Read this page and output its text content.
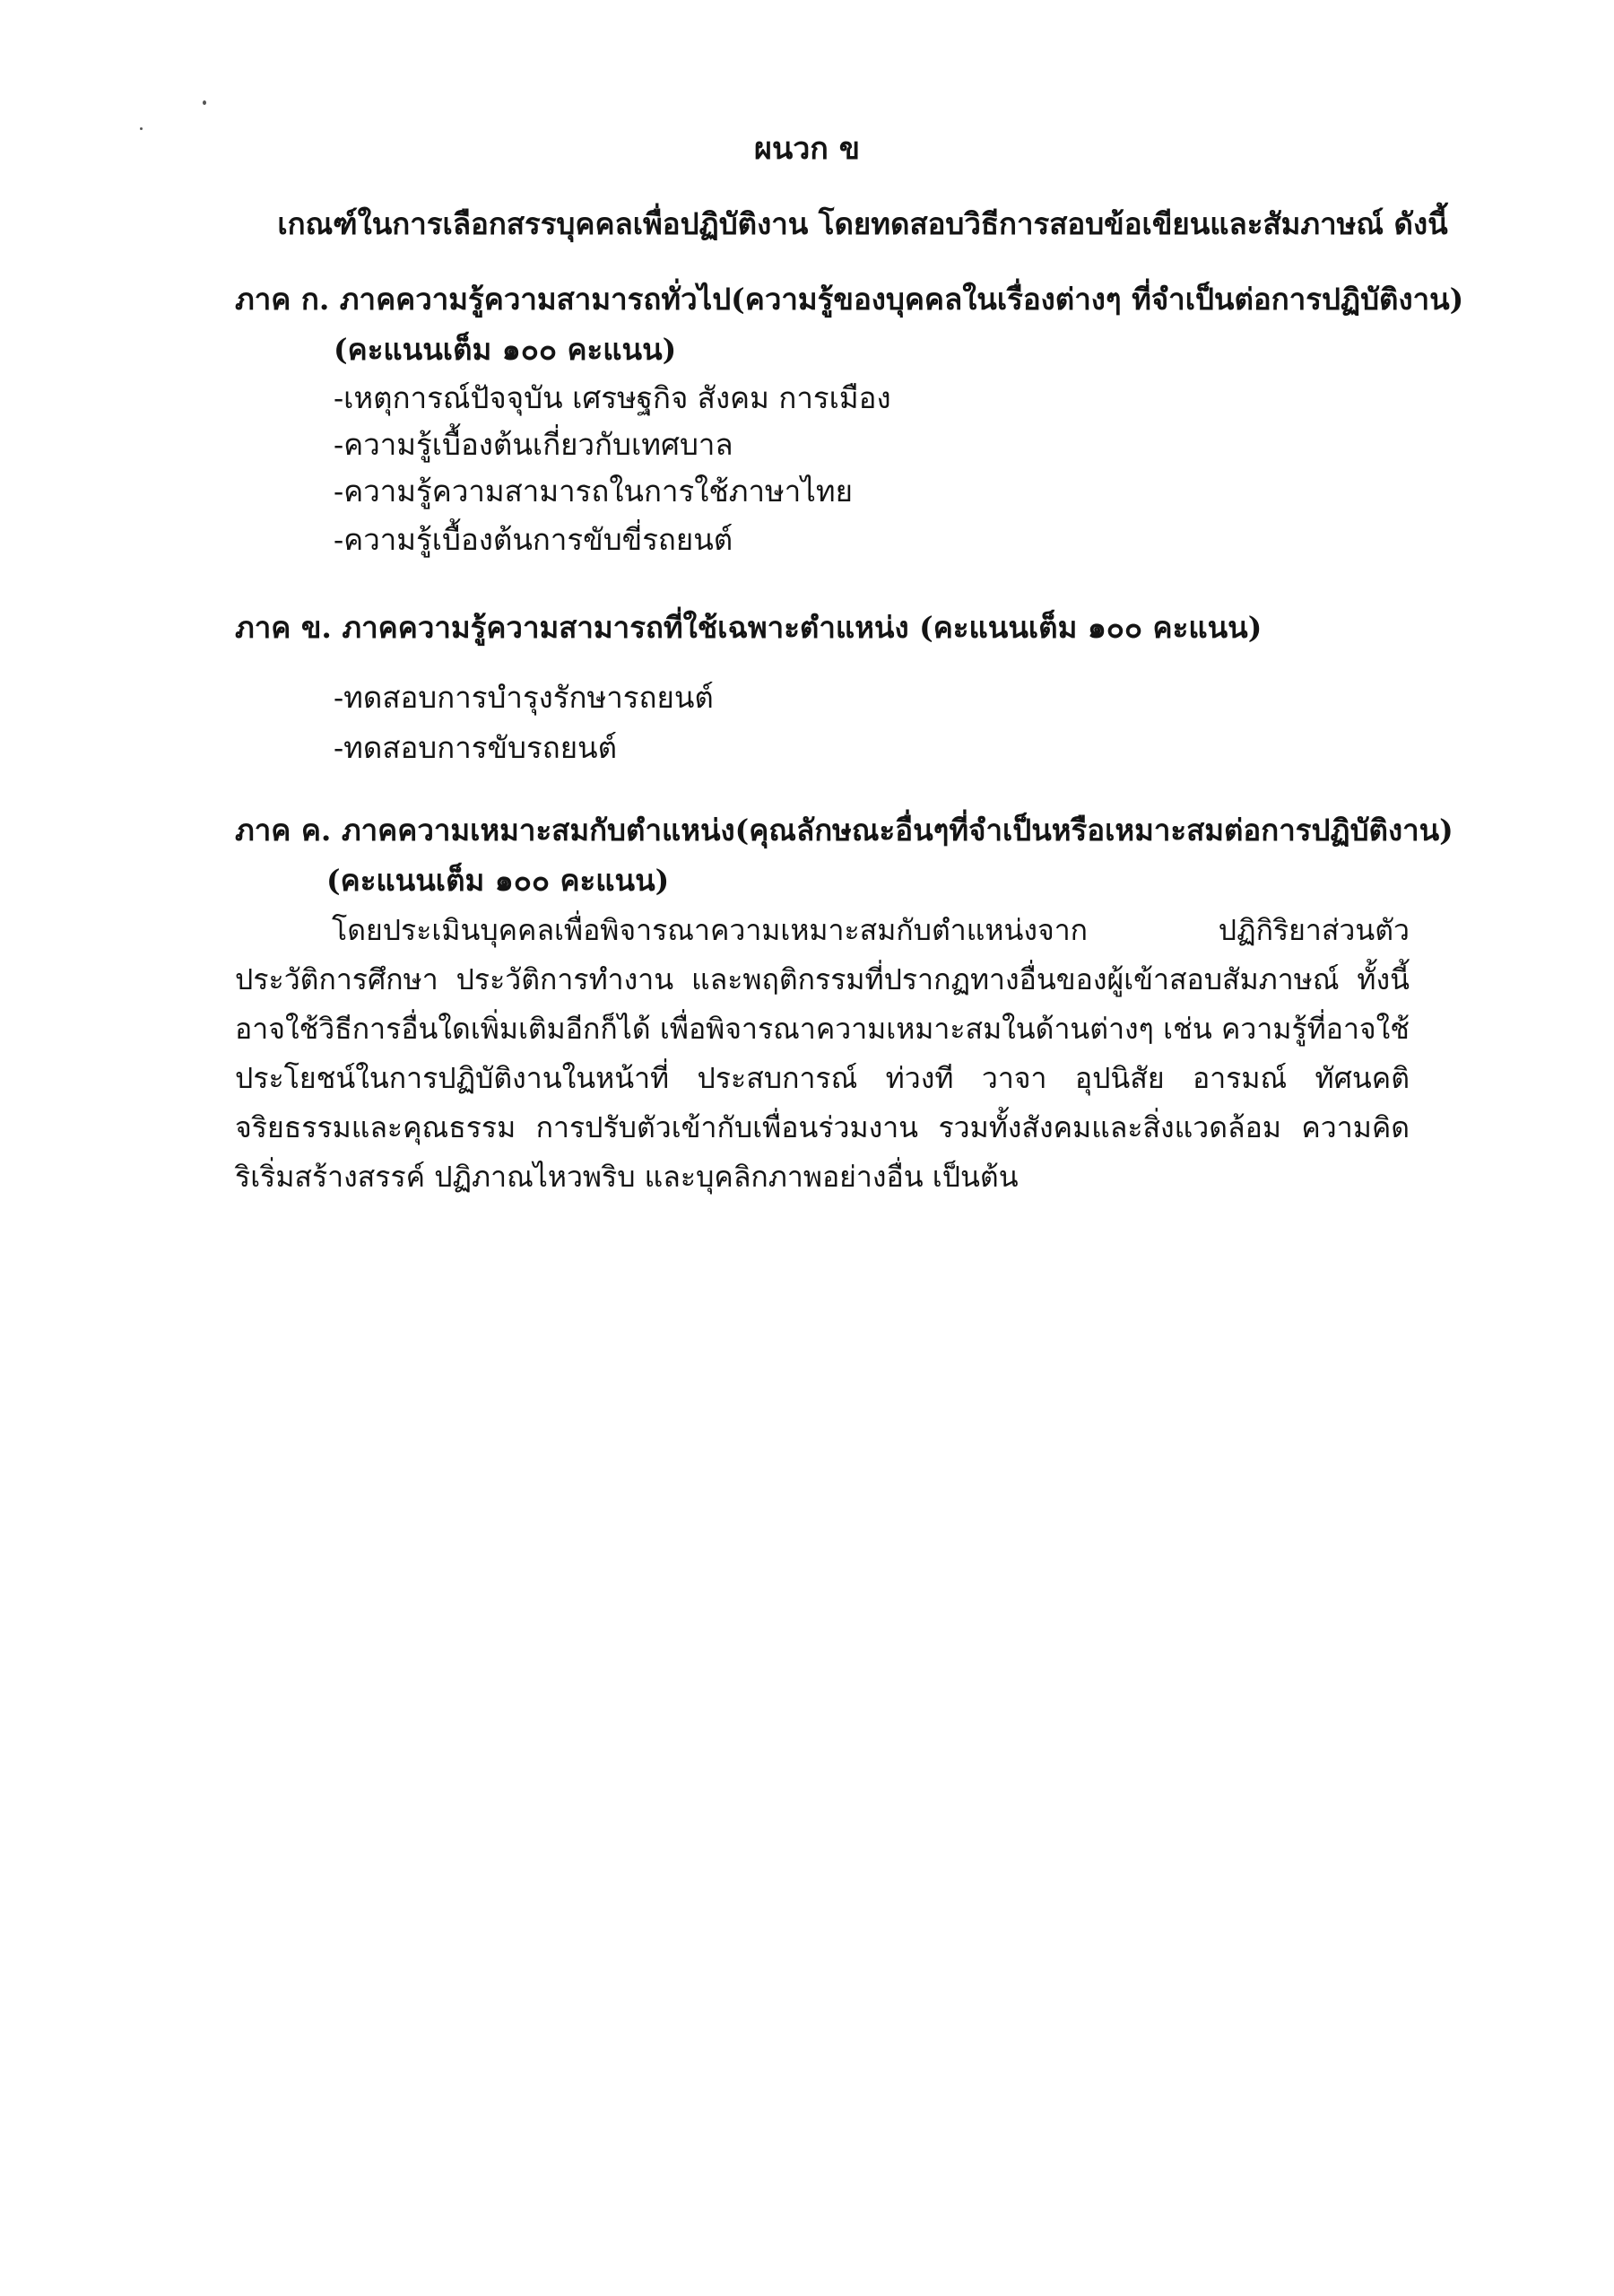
ผนวก ข
เกณฑ์ในการเลือกสรรบุคคลเพื่อปฏิบัติงาน โดยทดสอบวิธีการสอบข้อเขียนและสัมภาษณ์ ดังนี้
ภาค ก. ภาคความรู้ความสามารถทั่วไป(ความรู้ของบุคคลในเรื่องต่างๆ ที่จำเป็นต่อการปฏิบัติงาน)
(คะแนนเต็ม ๑๐๐ คะแนน)
-เหตุการณ์ปัจจุบัน เศรษฐกิจ สังคม การเมือง
-ความรู้เบื้องต้นเกี่ยวกับเทศบาล
-ความรู้ความสามารถในการใช้ภาษาไทย
-ความรู้เบื้องต้นการขับขี่รถยนต์
ภาค ข. ภาคความรู้ความสามารถที่ใช้เฉพาะตำแหน่ง (คะแนนเต็ม ๑๐๐ คะแนน)
-ทดสอบการบำรุงรักษารถยนต์
-ทดสอบการขับรถยนต์
ภาค ค. ภาคความเหมาะสมกับตำแหน่ง(คุณลักษณะอื่นๆที่จำเป็นหรือเหมาะสมต่อการปฏิบัติงาน)
(คะแนนเต็ม ๑๐๐ คะแนน)
โดยประเมินบุคคลเพื่อพิจารณาความเหมาะสมกับตำแหน่งจาก ปฏิกิริยาส่วนตัว ประวัติการศึกษา ประวัติการทำงาน และพฤติกรรมที่ปรากฏทางอื่นของผู้เข้าสอบสัมภาษณ์ ทั้งนี้ อาจใช้วิธีการอื่นใดเพิ่มเติมอีกก็ได้ เพื่อพิจารณาความเหมาะสมในด้านต่างๆ เช่น ความรู้ที่อาจใช้ประโยชน์ในการปฏิบัติงานในหน้าที่ ประสบการณ์ ท่วงที วาจา อุปนิสัย อารมณ์ ทัศนคติ จริยธรรมและคุณธรรม การปรับตัวเข้ากับเพื่อนร่วมงาน รวมทั้งสังคมและสิ่งแวดล้อม ความคิดริเริ่มสร้างสรรค์ ปฏิภาณไหวพริบ และบุคลิกภาพอย่างอื่น เป็นต้น
